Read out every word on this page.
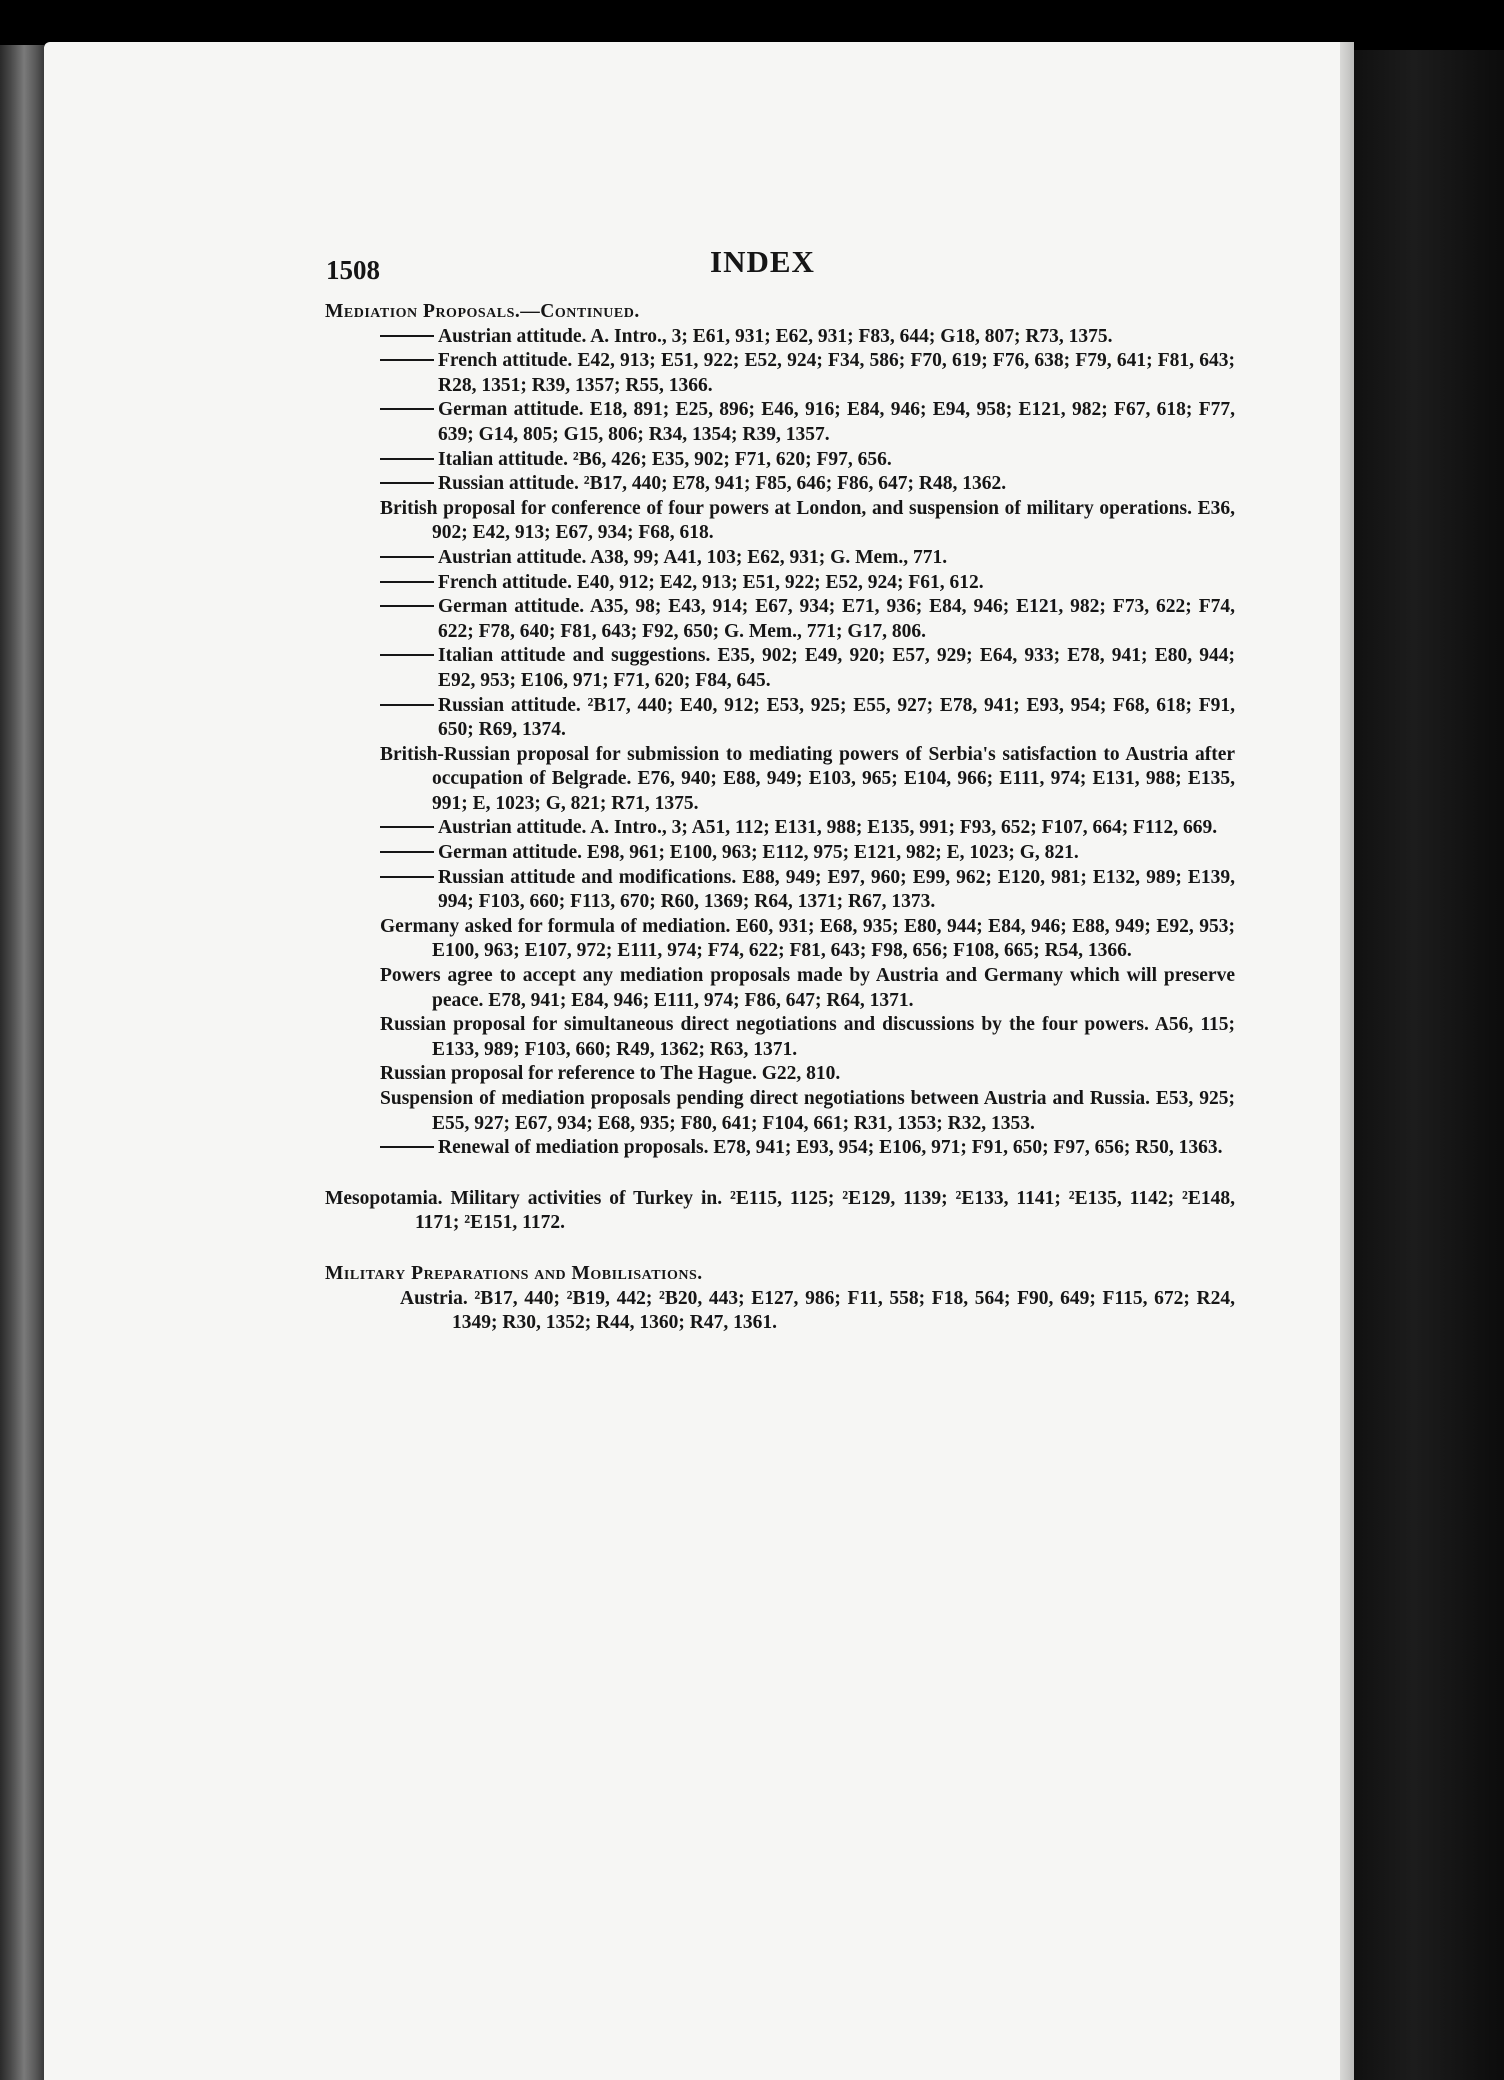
1508	INDEX
Mediation Proposals.—Continued.
Austrian attitude. A. Intro., 3; E61, 931; E62, 931; F83, 644; G18, 807; R73, 1375.
French attitude. E42, 913; E51, 922; E52, 924; F34, 586; F70, 619; F76, 638; F79, 641; F81, 643; R28, 1351; R39, 1357; R55, 1366.
German attitude. E18, 891; E25, 896; E46, 916; E84, 946; E94, 958; E121, 982; F67, 618; F77, 639; G14, 805; G15, 806; R34, 1354; R39, 1357.
Italian attitude. ²B6, 426; E35, 902; F71, 620; F97, 656.
Russian attitude. ²B17, 440; E78, 941; F85, 646; F86, 647; R48, 1362.
British proposal for conference of four powers at London, and suspension of military operations. E36, 902; E42, 913; E67, 934; F68, 618.
Austrian attitude. A38, 99; A41, 103; E62, 931; G. Mem., 771.
French attitude. E40, 912; E42, 913; E51, 922; E52, 924; F61, 612.
German attitude. A35, 98; E43, 914; E67, 934; E71, 936; E84, 946; E121, 982; F73, 622; F74, 622; F78, 640; F81, 643; F92, 650; G. Mem., 771; G17, 806.
Italian attitude and suggestions. E35, 902; E49, 920; E57, 929; E64, 933; E78, 941; E80, 944; E92, 953; E106, 971; F71, 620; F84, 645.
Russian attitude. ²B17, 440; E40, 912; E53, 925; E55, 927; E78, 941; E93, 954; F68, 618; F91, 650; R69, 1374.
British-Russian proposal for submission to mediating powers of Serbia's satisfaction to Austria after occupation of Belgrade. E76, 940; E88, 949; E103, 965; E104, 966; E111, 974; E131, 988; E135, 991; E, 1023; G, 821; R71, 1375.
Austrian attitude. A. Intro., 3; A51, 112; E131, 988; E135, 991; F93, 652; F107, 664; F112, 669.
German attitude. E98, 961; E100, 963; E112, 975; E121, 982; E, 1023; G, 821.
Russian attitude and modifications. E88, 949; E97, 960; E99, 962; E120, 981; E132, 989; E139, 994; F103, 660; F113, 670; R60, 1369; R64, 1371; R67, 1373.
Germany asked for formula of mediation. E60, 931; E68, 935; E80, 944; E84, 946; E88, 949; E92, 953; E100, 963; E107, 972; E111, 974; F74, 622; F81, 643; F98, 656; F108, 665; R54, 1366.
Powers agree to accept any mediation proposals made by Austria and Germany which will preserve peace. E78, 941; E84, 946; E111, 974; F86, 647; R64, 1371.
Russian proposal for simultaneous direct negotiations and discussions by the four powers. A56, 115; E133, 989; F103, 660; R49, 1362; R63, 1371.
Russian proposal for reference to The Hague. G22, 810.
Suspension of mediation proposals pending direct negotiations between Austria and Russia. E53, 925; E55, 927; E67, 934; E68, 935; F80, 641; F104, 661; R31, 1353; R32, 1353.
Renewal of mediation proposals. E78, 941; E93, 954; E106, 971; F91, 650; F97, 656; R50, 1363.
Mesopotamia. Military activities of Turkey in. ²E115, 1125; ²E129, 1139; ²E133, 1141; ²E135, 1142; ²E148, 1171; ²E151, 1172.
Military Preparations and Mobilisations.
Austria. ²B17, 440; ²B19, 442; ²B20, 443; E127, 986; F11, 558; F18, 564; F90, 649; F115, 672; R24, 1349; R30, 1352; R44, 1360; R47, 1361.
